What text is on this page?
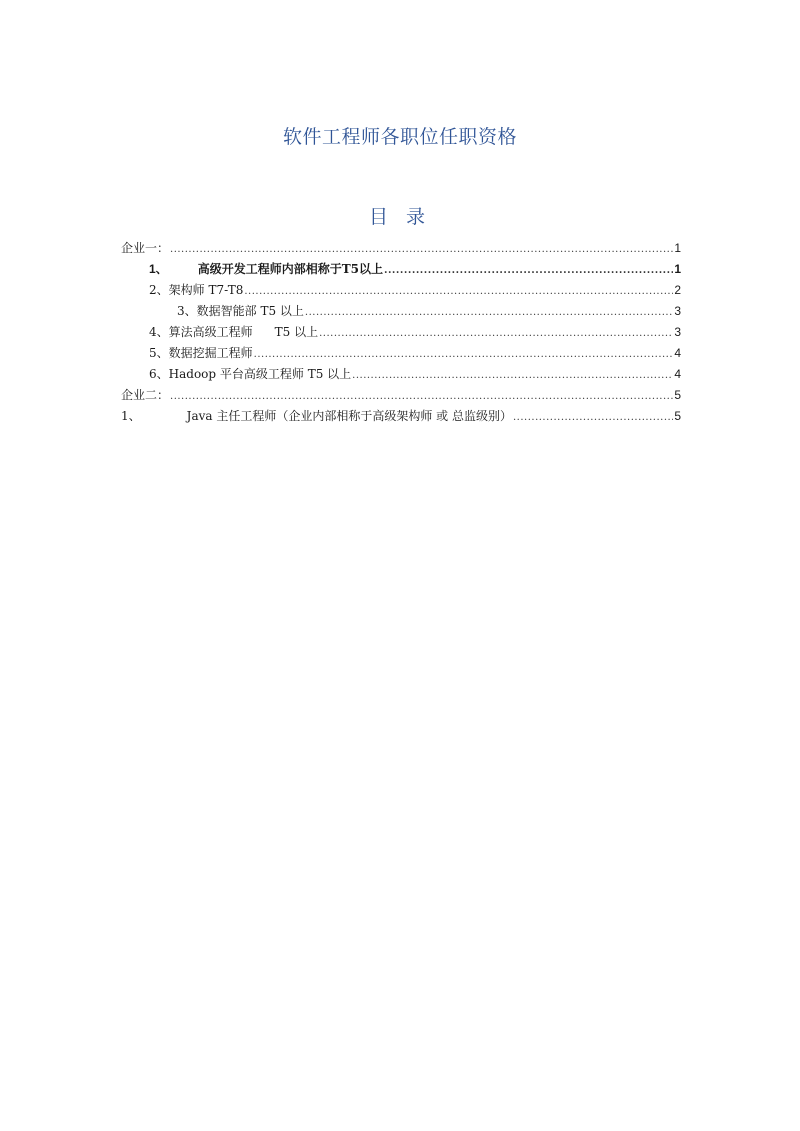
软件工程师各职位任职资格
目 录
企业一： .....	1
1、	高级开发工程师内部相称于T5以上 .....	1
2、架构师 T7-T8 .....	2
3、数据智能部 T5 以上 .....	3
4、算法高级工程师 T5 以上 .....	3
5、数据挖掘工程师 .....	4
6、Hadoop 平台高级工程师 T5 以上 .....	4
企业二： .....	5
1、	Java 主任工程师（企业内部相称于高级架构师 或 总监级别） .....	5
